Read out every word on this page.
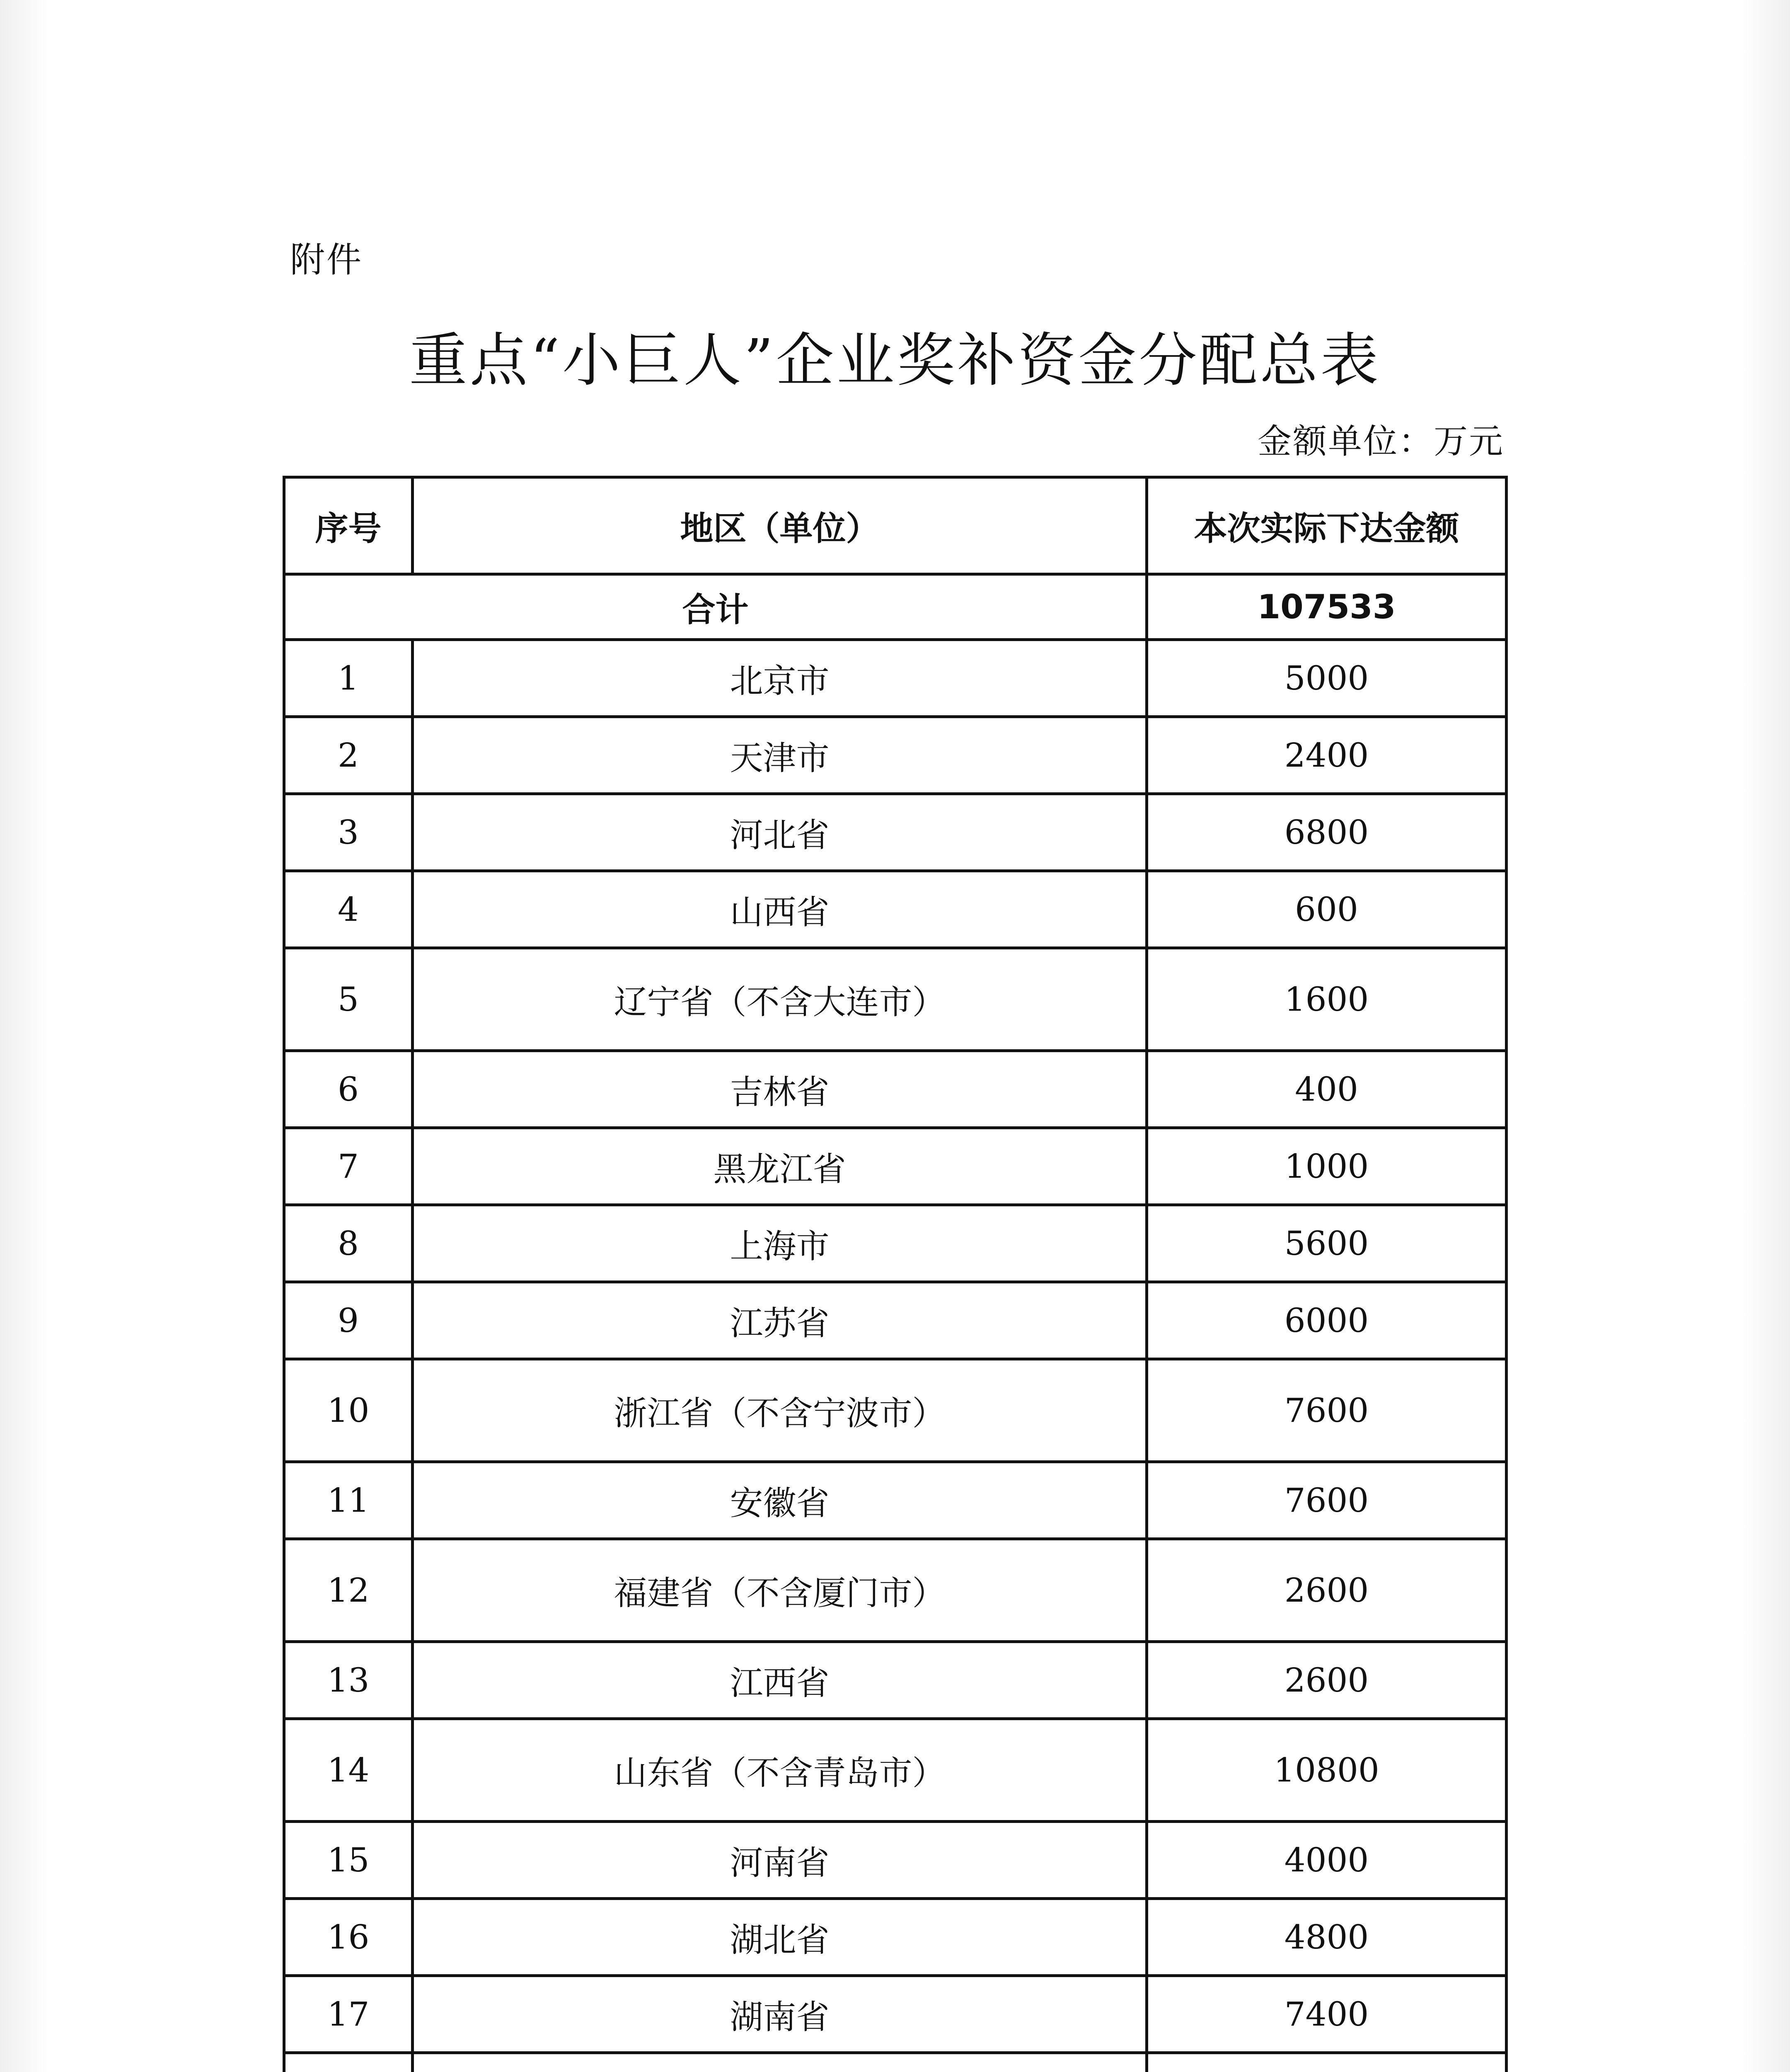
附件
重点“小巨人”企业奖补资金分配总表
金额单位：万元
序号	地区（单位）	本次实际下达金额
合计		107533
1	北京市	5000
2	天津市	2400
3	河北省	6800
4	山西省	600
5	辽宁省（不含大连市）	1600
6	吉林省	400
7	黑龙江省	1000
8	上海市	5600
9	江苏省	6000
10	浙江省（不含宁波市）	7600
11	安徽省	7600
12	福建省（不含厦门市）	2600
13	江西省	2600
14	山东省（不含青岛市）	10800
15	河南省	4000
16	湖北省	4800
17	湖南省	7400
